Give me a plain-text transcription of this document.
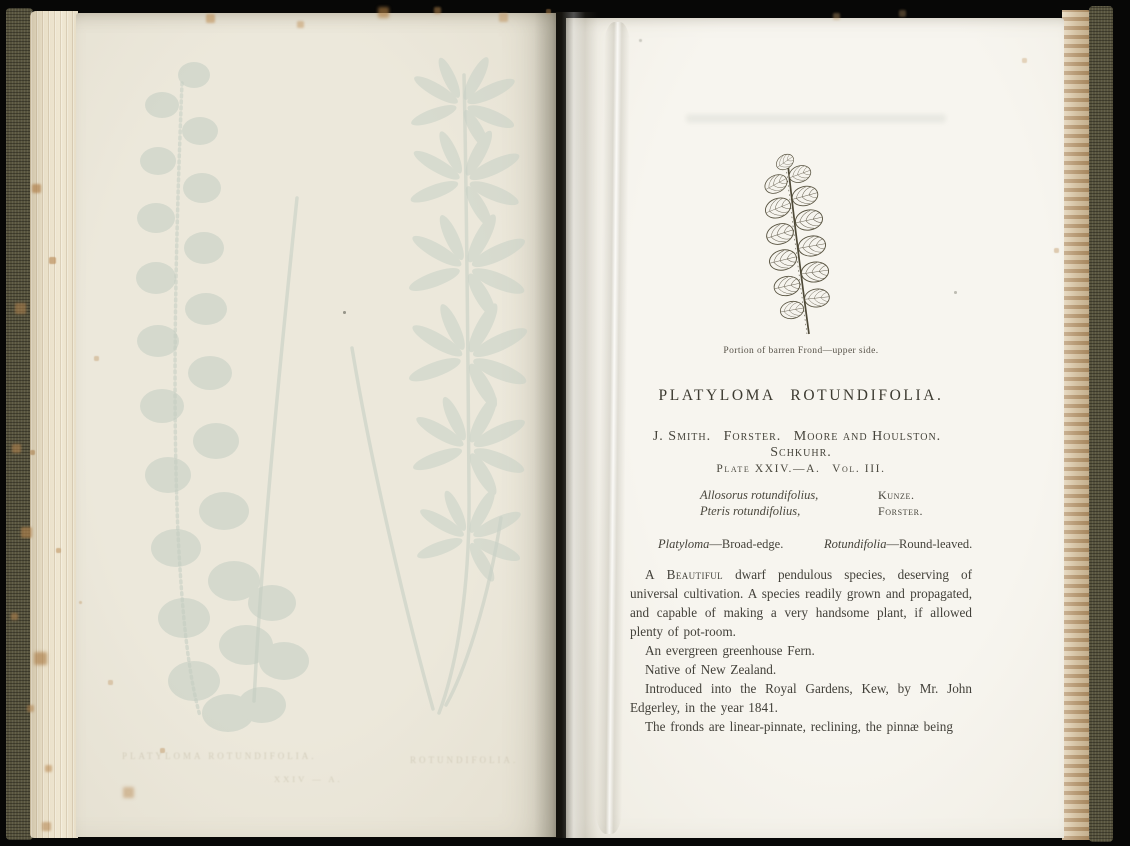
PLATYLOMA ROTUNDIFOLIA.
XXIV — A.
ROTUNDIFOLIA.
Portion of barren Frond—upper side.
PLATYLOMA ROTUNDIFOLIA.
J. Smith.  Forster.  Moore and Houlston.  Schkuhr.
Plate XXIV.—A.  Vol. III.
Allosorus rotundifolius,	Kunze.
Pteris rotundifolius,	Forster.
Platyloma—Broad-edge.	Rotundifolia—Round-leaved.

A Beautiful dwarf pendulous species, deserving of universal cultivation. A species readily grown and propagated, and capable of making a very handsome plant, if allowed plenty of pot-room.

An evergreen greenhouse Fern.

Native of New Zealand.

Introduced into the Royal Gardens, Kew, by Mr. John Edgerley, in the year 1841.

The fronds are linear-pinnate, reclining, the pinnæ being
